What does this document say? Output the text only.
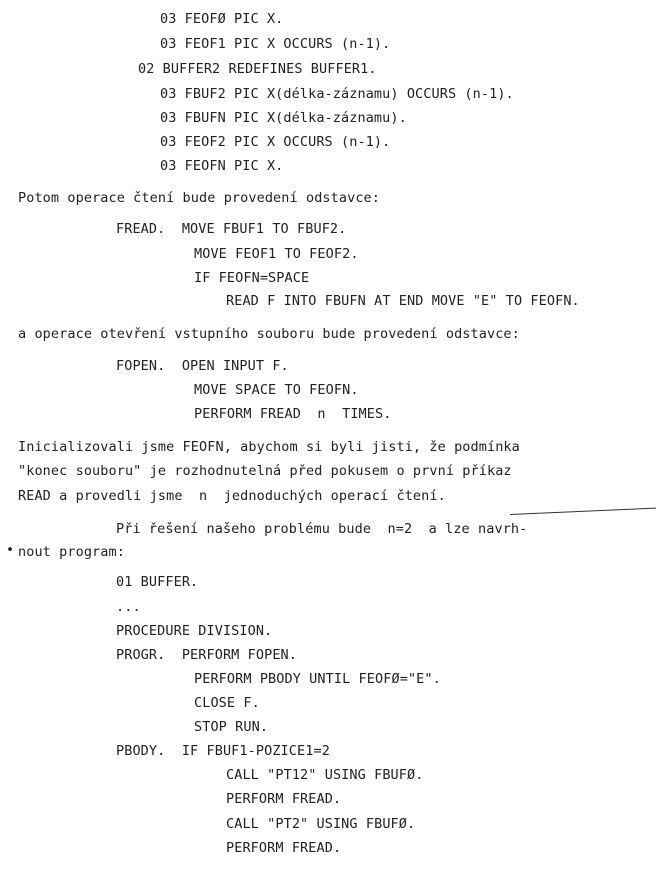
03 FEOFØ PIC X.
03 FEOF1 PIC X OCCURS (n-1).
02 BUFFER2 REDEFINES BUFFER1.
03 FBUF2 PIC X(délka-záznamu) OCCURS (n-1).
03 FBUFN PIC X(délka-záznamu).
03 FEOF2 PIC X OCCURS (n-1).
03 FEOFN PIC X.
Potom operace čtení bude provedení odstavce:
FREAD.  MOVE FBUF1 TO FBUF2.
MOVE FEOF1 TO FEOF2.
IF FEOFN=SPACE
READ F INTO FBUFN AT END MOVE "E" TO FEOFN.
a operace otevření vstupního souboru bude provedení odstavce:
FOPEN.  OPEN INPUT F.
MOVE SPACE TO FEOFN.
PERFORM FREAD  n  TIMES.
Inicializovali jsme FEOFN, abychom si byli jisti, že podmínka
"konec souboru" je rozhodnutelná před pokusem o první příkaz
READ a provedli jsme  n  jednoduchých operací čtení.
Při řešení našeho problému bude  n=2  a lze navrh-
• nout program:
01 BUFFER.
...
PROCEDURE DIVISION.
PROGR.  PERFORM FOPEN.
PERFORM PBODY UNTIL FEOFØ="E".
CLOSE F.
STOP RUN.
PBODY.  IF FBUF1-POZICE1=2
CALL "PT12" USING FBUFØ.
PERFORM FREAD.
CALL "PT2" USING FBUFØ.
PERFORM FREAD.
